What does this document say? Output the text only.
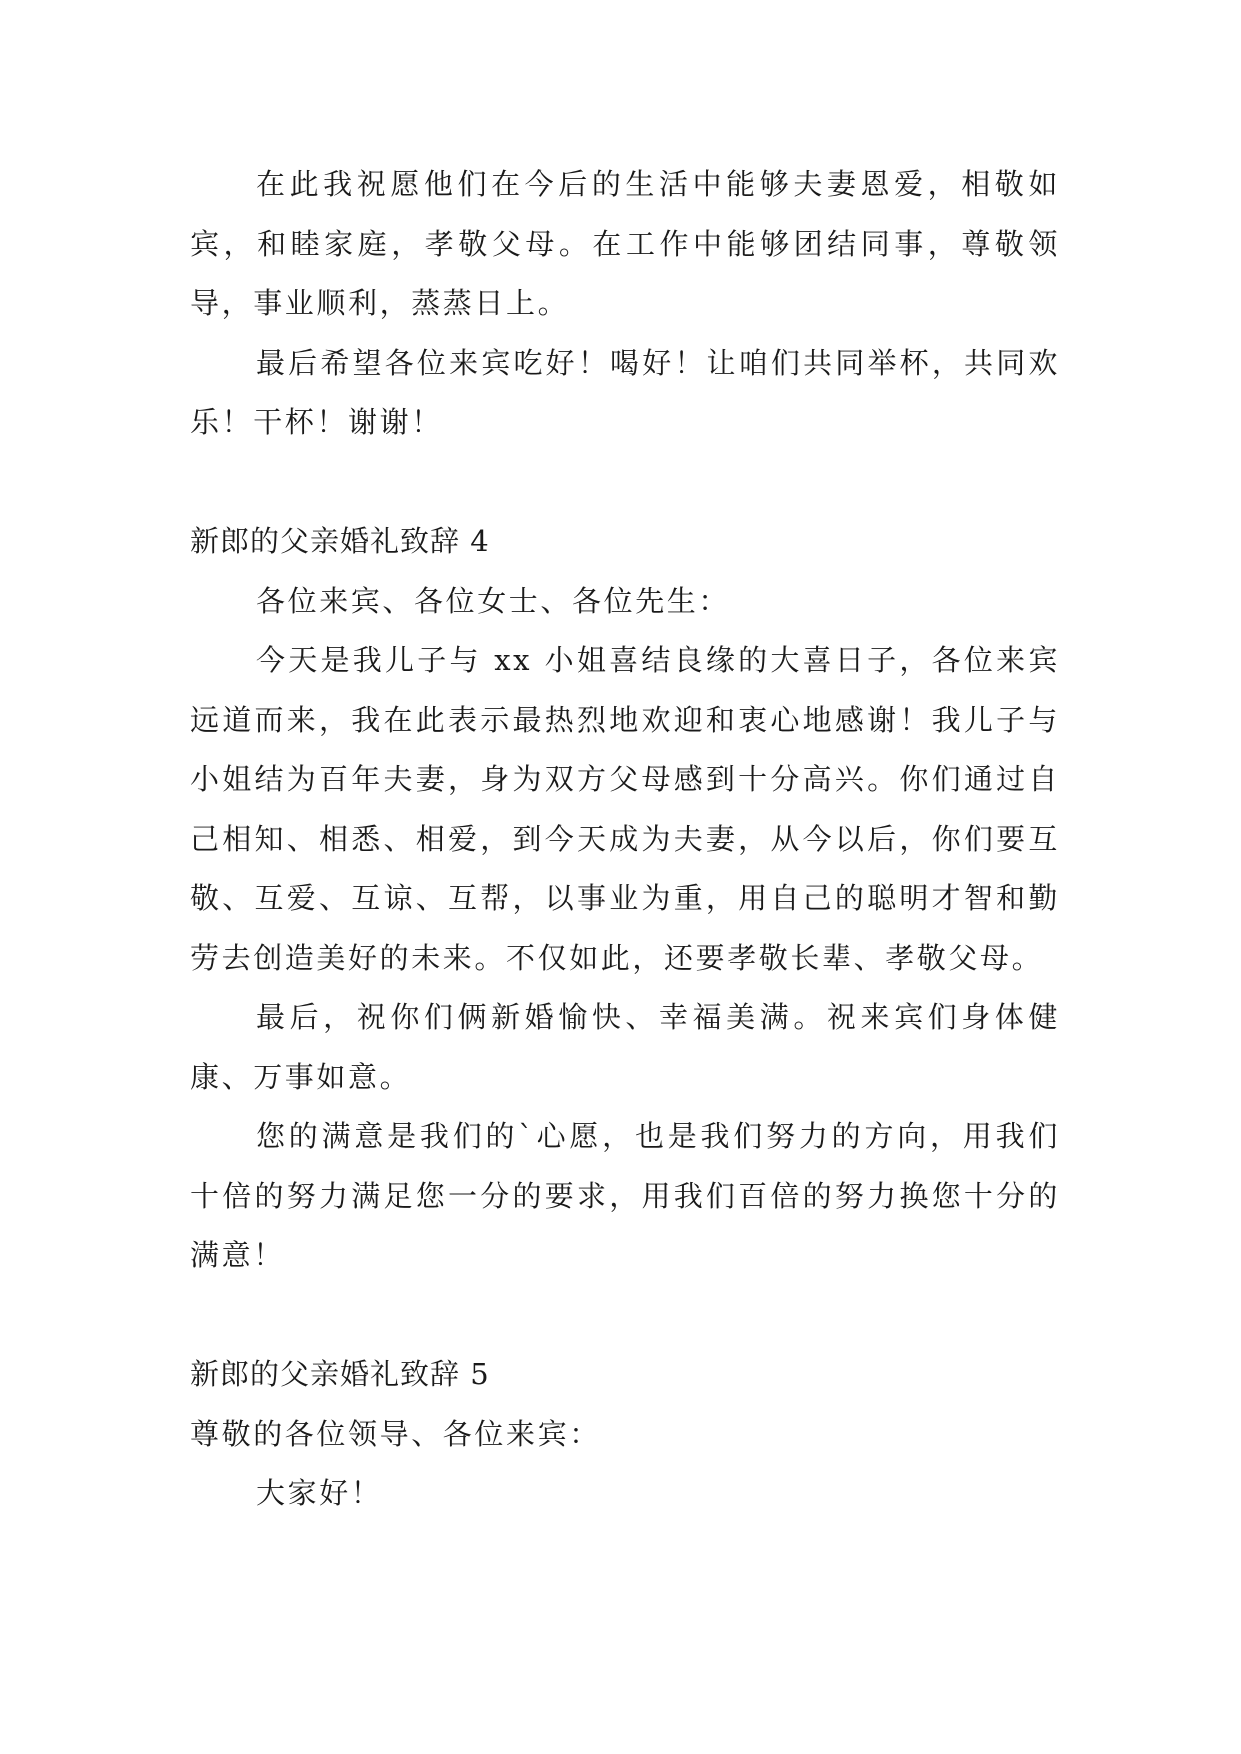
在此我祝愿他们在今后的生活中能够夫妻恩爱，相敬如宾，和睦家庭，孝敬父母。在工作中能够团结同事，尊敬领导，事业顺利，蒸蒸日上。

最后希望各位来宾吃好！喝好！让咱们共同举杯，共同欢乐！干杯！谢谢！

新郎的父亲婚礼致辞 4

各位来宾、各位女士、各位先生：

今天是我儿子与 xx 小姐喜结良缘的大喜日子，各位来宾远道而来，我在此表示最热烈地欢迎和衷心地感谢！我儿子与小姐结为百年夫妻，身为双方父母感到十分高兴。你们通过自己相知、相悉、相爱，到今天成为夫妻，从今以后，你们要互敬、互爱、互谅、互帮，以事业为重，用自己的聪明才智和勤劳去创造美好的未来。不仅如此，还要孝敬长辈、孝敬父母。

最后，祝你们俩新婚愉快、幸福美满。祝来宾们身体健康、万事如意。

您的满意是我们的`心愿，也是我们努力的方向，用我们十倍的努力满足您一分的要求，用我们百倍的努力换您十分的满意！

新郎的父亲婚礼致辞 5

尊敬的各位领导、各位来宾：

大家好！
